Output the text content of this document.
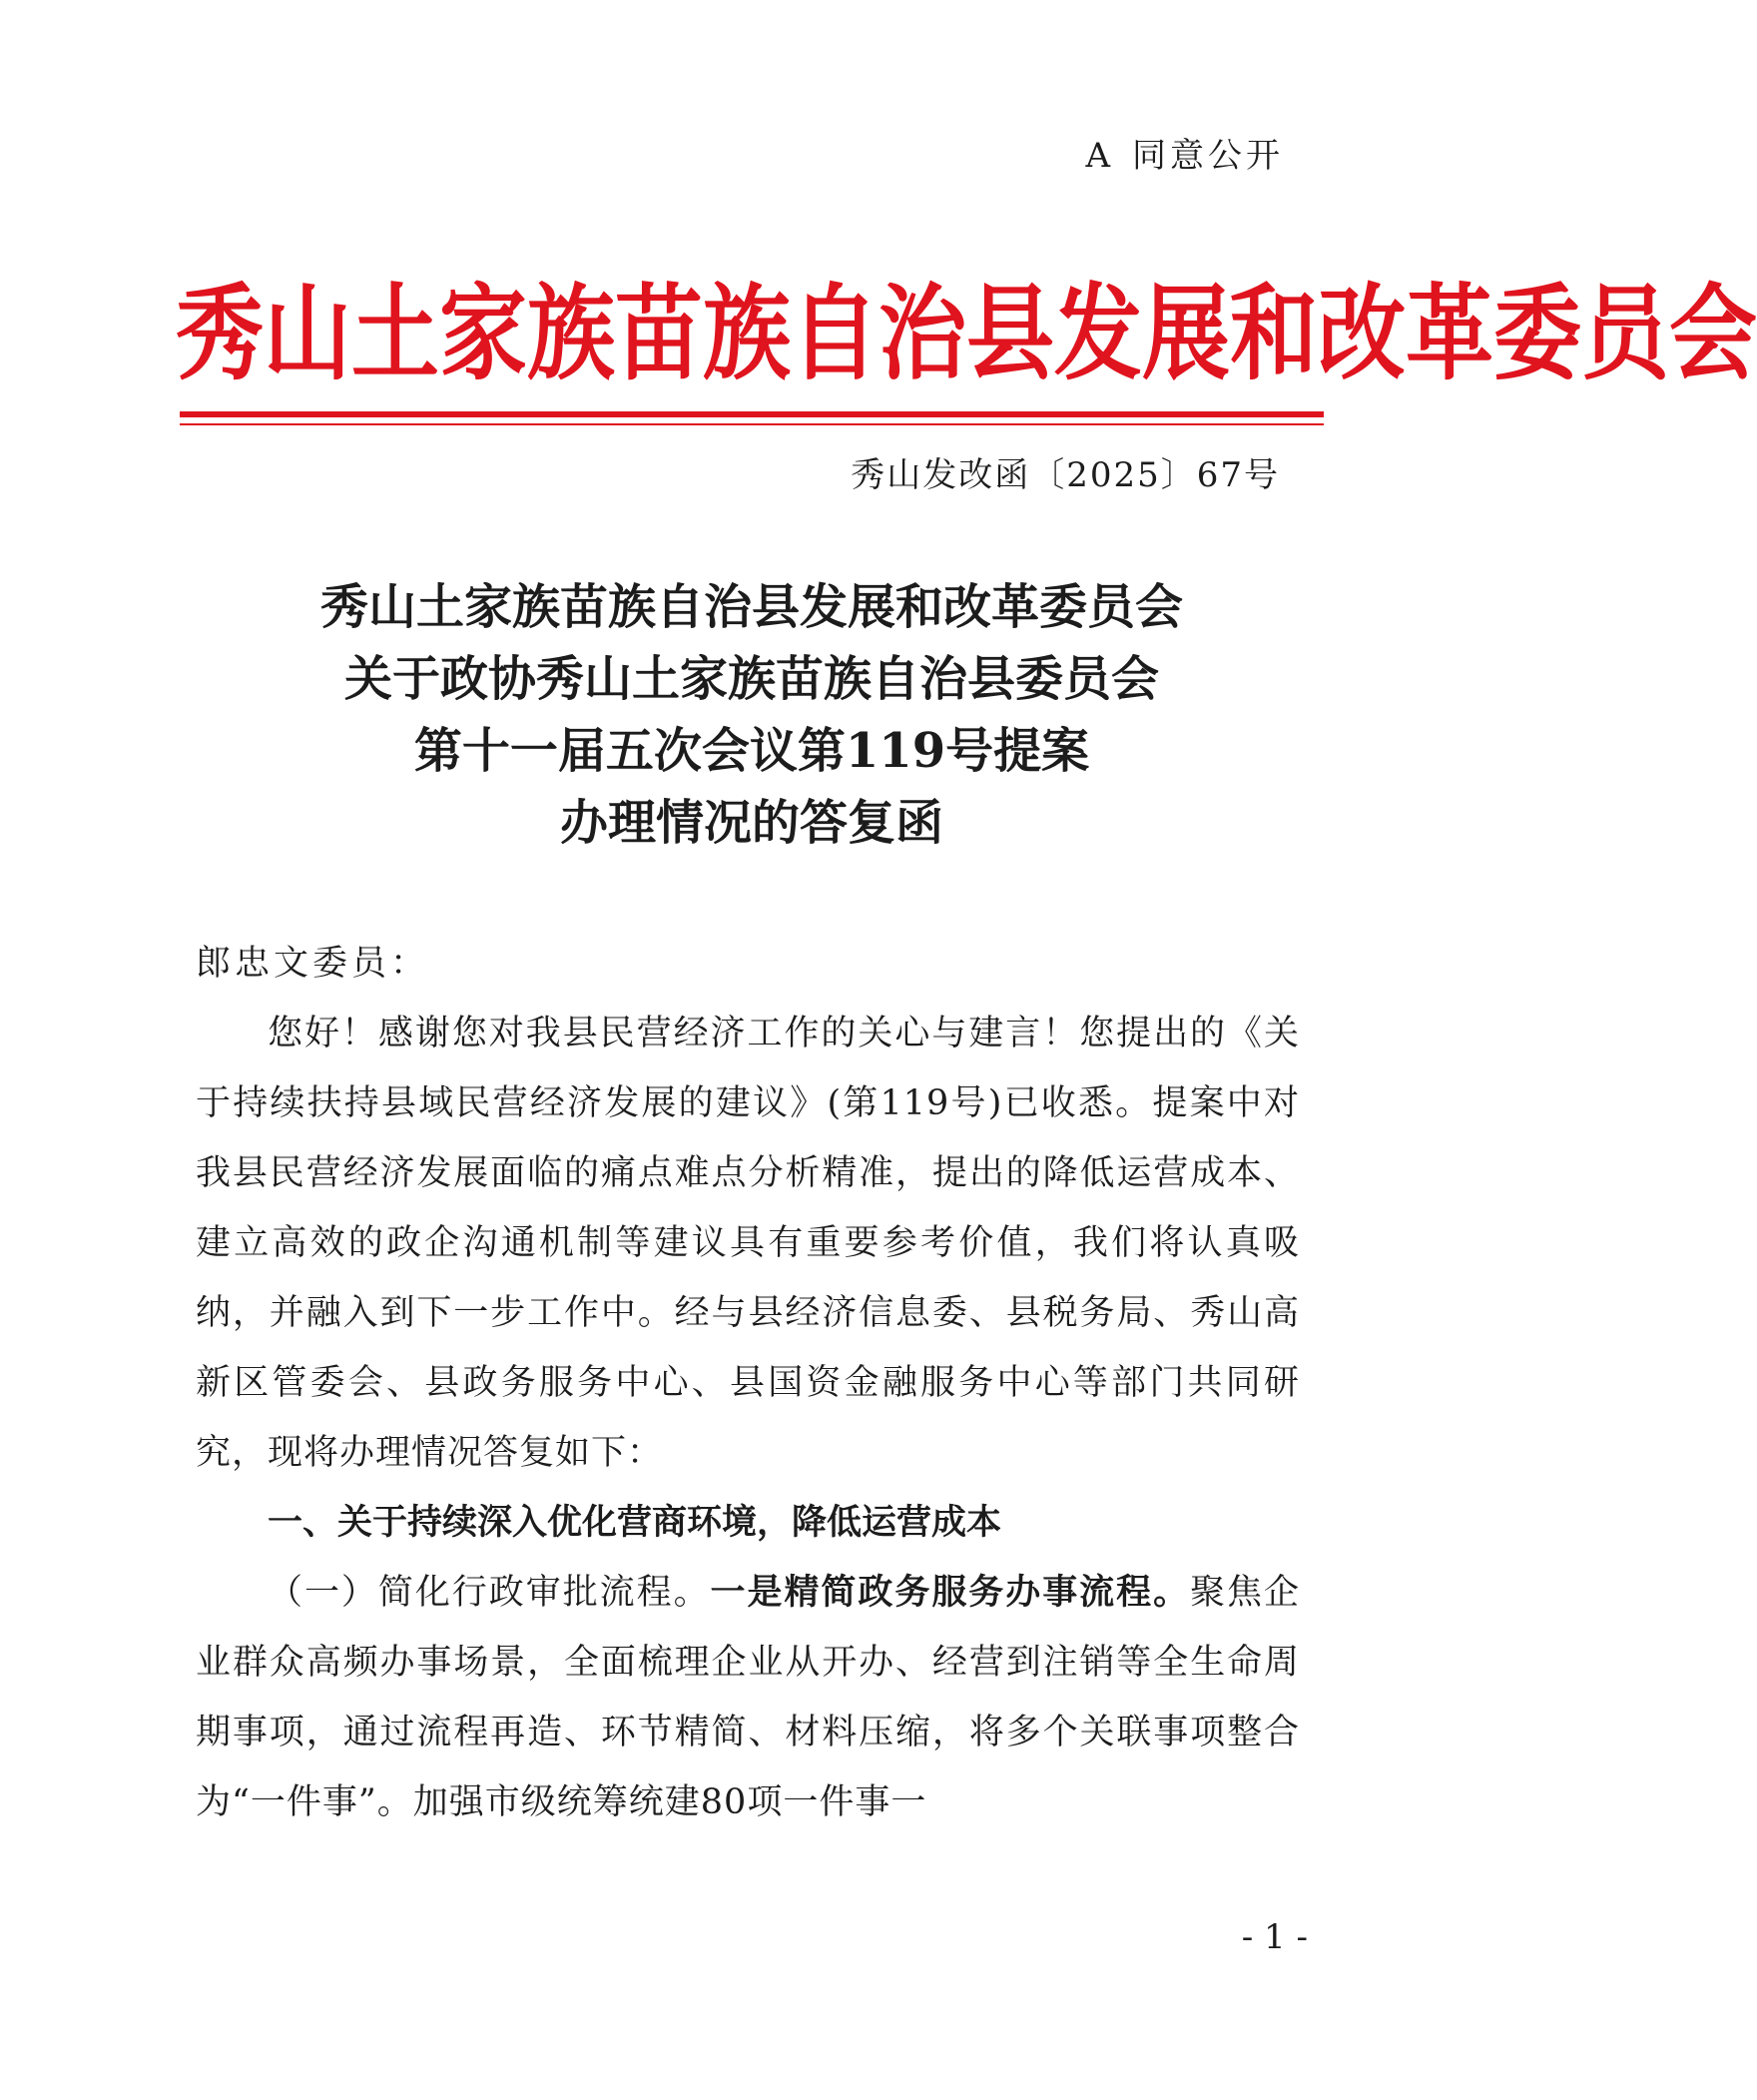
A 同意公开
秀山土家族苗族自治县发展和改革委员会
秀山发改函〔2025〕67号
秀山土家族苗族自治县发展和改革委员会
关于政协秀山土家族苗族自治县委员会
第十一届五次会议第119号提案
办理情况的答复函

郎忠文委员：

您好！感谢您对我县民营经济工作的关心与建言！您提出的《关于持续扶持县域民营经济发展的建议》(第119号)已收悉。提案中对我县民营经济发展面临的痛点难点分析精准，提出的降低运营成本、建立高效的政企沟通机制等建议具有重要参考价值，我们将认真吸纳，并融入到下一步工作中。经与县经济信息委、县税务局、秀山高新区管委会、县政务服务中心、县国资金融服务中心等部门共同研究，现将办理情况答复如下：

一、关于持续深入优化营商环境，降低运营成本

（一）简化行政审批流程。一是精简政务服务办事流程。聚焦企业群众高频办事场景，全面梳理企业从开办、经营到注销等全生命周期事项，通过流程再造、环节精简、材料压缩，将多个关联事项整合为“一件事”。加强市级统筹统建80项一件事一

- 1 -
